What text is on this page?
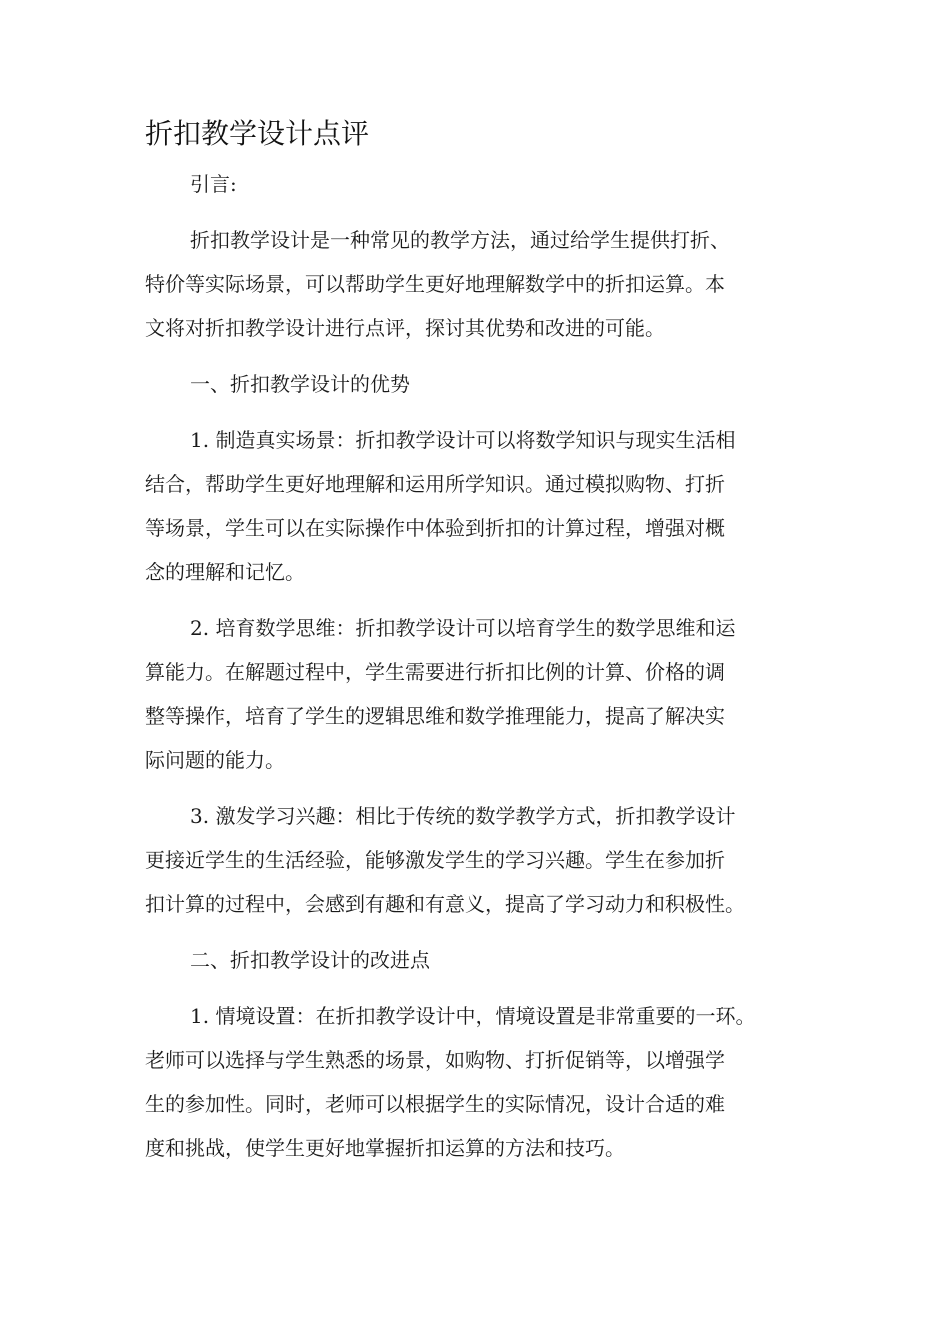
折扣教学设计点评

引言:

折扣教学设计是一种常见的教学方法，通过给学生提供打折、
特价等实际场景，可以帮助学生更好地理解数学中的折扣运算。本
文将对折扣教学设计进行点评，探讨其优势和改进的可能。

一、折扣教学设计的优势

1. 制造真实场景：折扣教学设计可以将数学知识与现实生活相
结合，帮助学生更好地理解和运用所学知识。通过模拟购物、打折
等场景，学生可以在实际操作中体验到折扣的计算过程，增强对概
念的理解和记忆。

2. 培育数学思维：折扣教学设计可以培育学生的数学思维和运
算能力。在解题过程中，学生需要进行折扣比例的计算、价格的调
整等操作，培育了学生的逻辑思维和数学推理能力，提高了解决实
际问题的能力。

3. 激发学习兴趣：相比于传统的数学教学方式，折扣教学设计
更接近学生的生活经验，能够激发学生的学习兴趣。学生在参加折
扣计算的过程中，会感到有趣和有意义，提高了学习动力和积极性。

二、折扣教学设计的改进点

1. 情境设置：在折扣教学设计中，情境设置是非常重要的一环。
老师可以选择与学生熟悉的场景，如购物、打折促销等，以增强学
生的参加性。同时，老师可以根据学生的实际情况，设计合适的难
度和挑战，使学生更好地掌握折扣运算的方法和技巧。
